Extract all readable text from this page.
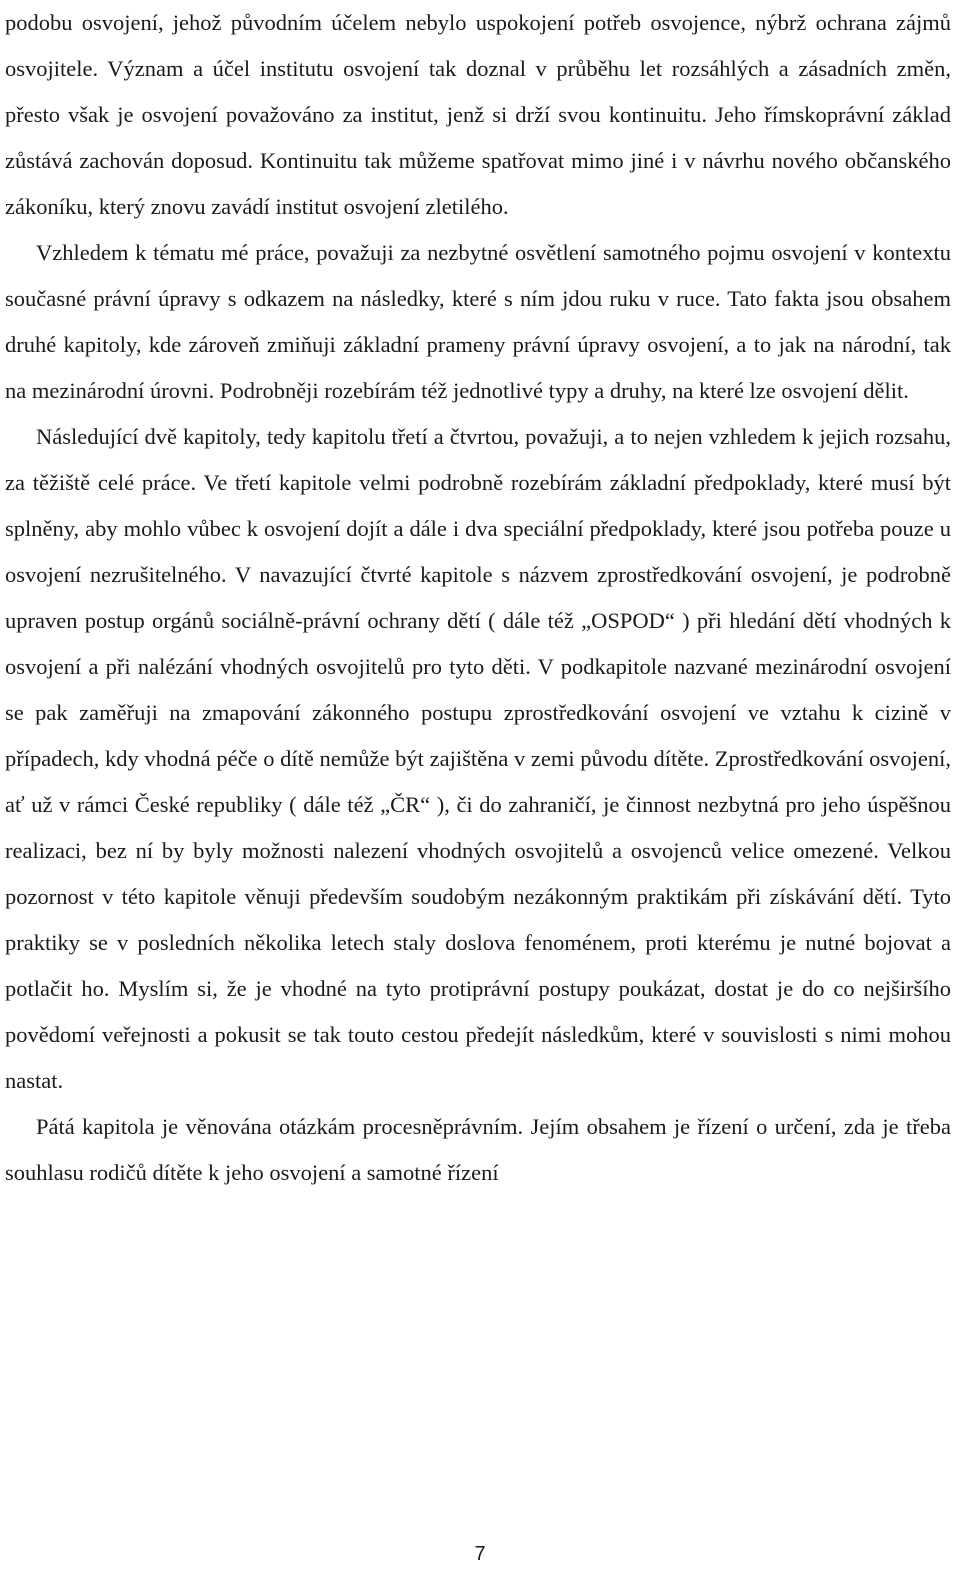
podobu osvojení, jehož původním účelem nebylo uspokojení potřeb osvojence, nýbrž ochrana zájmů osvojitele. Význam a účel institutu osvojení tak doznal v průběhu let rozsáhlých a zásadních změn, přesto však je osvojení považováno za institut, jenž si drží svou kontinuitu. Jeho římskoprávní základ zůstává zachován doposud. Kontinuitu tak můžeme spatřovat mimo jiné i v návrhu nového občanského zákoníku, který znovu zavádí institut osvojení zletilého.

Vzhledem k tématu mé práce, považuji za nezbytné osvětlení samotného pojmu osvojení v kontextu současné právní úpravy s odkazem na následky, které s ním jdou ruku v ruce. Tato fakta jsou obsahem druhé kapitoly, kde zároveň zmiňuji základní prameny právní úpravy osvojení, a to jak na národní, tak na mezinárodní úrovni. Podrobněji rozebírám též jednotlivé typy a druhy, na které lze osvojení dělit.

Následující dvě kapitoly, tedy kapitolu třetí a čtvrtou, považuji, a to nejen vzhledem k jejich rozsahu, za těžiště celé práce. Ve třetí kapitole velmi podrobně rozebírám základní předpoklady, které musí být splněny, aby mohlo vůbec k osvojení dojít a dále i dva speciální předpoklady, které jsou potřeba pouze u osvojení nezrušitelného. V navazující čtvrté kapitole s názvem zprostředkování osvojení, je podrobně upraven postup orgánů sociálně-právní ochrany dětí ( dále též „OSPOD“ ) při hledání dětí vhodných k osvojení a při nalézání vhodných osvojitelů pro tyto děti. V podkapitole nazvané mezinárodní osvojení se pak zaměřuji na zmapování zákonného postupu zprostředkování osvojení ve vztahu k cizině v případech, kdy vhodná péče o dítě nemůže být zajištěna v zemi původu dítěte. Zprostředkování osvojení, ať už v rámci České republiky ( dále též „ČR“ ), či do zahraničí, je činnost nezbytná pro jeho úspěšnou realizaci, bez ní by byly možnosti nalezení vhodných osvojitelů a osvojenců velice omezené. Velkou pozornost v této kapitole věnuji především soudobým nezákonným praktikám při získávání dětí. Tyto praktiky se v posledních několika letech staly doslova fenoménem, proti kterému je nutné bojovat a potlačit ho. Myslím si, že je vhodné na tyto protiprávní postupy poukázat, dostat je do co nejširšího povědomí veřejnosti a pokusit se tak touto cestou předejít následkům, které v souvislosti s nimi mohou nastat.

Pátá kapitola je věnována otázkám procesněprávním. Jejím obsahem je řízení o určení, zda je třeba souhlasu rodičů dítěte k jeho osvojení a samotné řízení

7
